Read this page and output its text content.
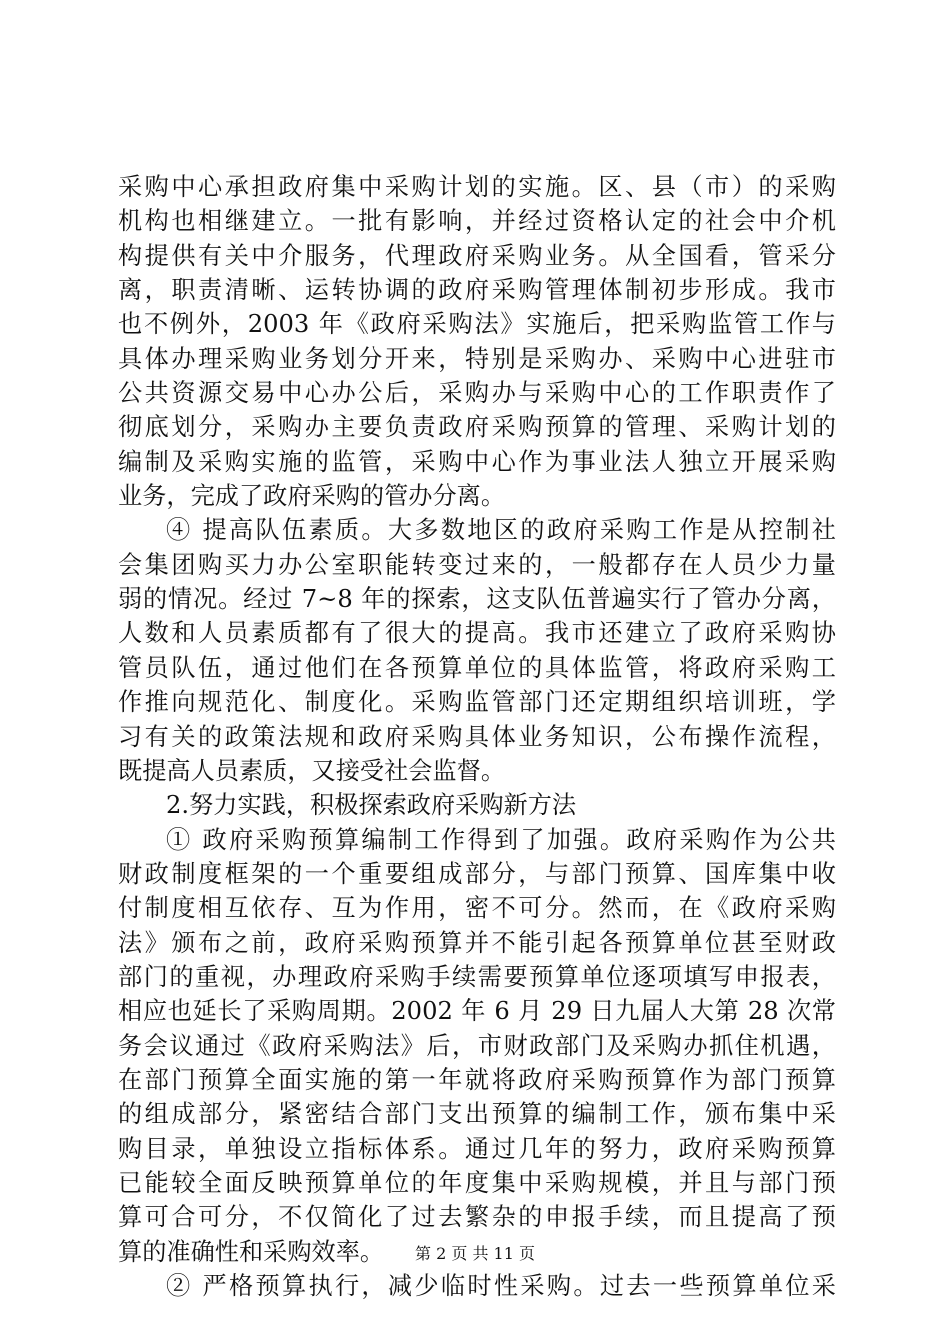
采购中心承担政府集中采购计划的实施。区、县（市）的采购
机构也相继建立。一批有影响，并经过资格认定的社会中介机
构提供有关中介服务，代理政府采购业务。从全国看，管采分
离，职责清晰、运转协调的政府采购管理体制初步形成。我市
也不例外，2003 年《政府采购法》实施后，把采购监管工作与
具体办理采购业务划分开来，特别是采购办、采购中心进驻市
公共资源交易中心办公后，采购办与采购中心的工作职责作了
彻底划分，采购办主要负责政府采购预算的管理、采购计划的
编制及采购实施的监管，采购中心作为事业法人独立开展采购
业务，完成了政府采购的管办分离。
④ 提高队伍素质。大多数地区的政府采购工作是从控制社
会集团购买力办公室职能转变过来的，一般都存在人员少力量
弱的情况。经过 7~8 年的探索，这支队伍普遍实行了管办分离，
人数和人员素质都有了很大的提高。我市还建立了政府采购协
管员队伍，通过他们在各预算单位的具体监管，将政府采购工
作推向规范化、制度化。采购监管部门还定期组织培训班，学
习有关的政策法规和政府采购具体业务知识，公布操作流程，
既提高人员素质，又接受社会监督。
2.努力实践，积极探索政府采购新方法
① 政府采购预算编制工作得到了加强。政府采购作为公共
财政制度框架的一个重要组成部分，与部门预算、国库集中收
付制度相互依存、互为作用，密不可分。然而，在《政府采购
法》颁布之前，政府采购预算并不能引起各预算单位甚至财政
部门的重视，办理政府采购手续需要预算单位逐项填写申报表，
相应也延长了采购周期。2002 年 6 月 29 日九届人大第 28 次常
务会议通过《政府采购法》后，市财政部门及采购办抓住机遇，
在部门预算全面实施的第一年就将政府采购预算作为部门预算
的组成部分，紧密结合部门支出预算的编制工作，颁布集中采
购目录，单独设立指标体系。通过几年的努力，政府采购预算
已能较全面反映预算单位的年度集中采购规模，并且与部门预
算可合可分，不仅简化了过去繁杂的申报手续，而且提高了预
算的准确性和采购效率。
② 严格预算执行，减少临时性采购。过去一些预算单位采
第 2 页 共 11 页
